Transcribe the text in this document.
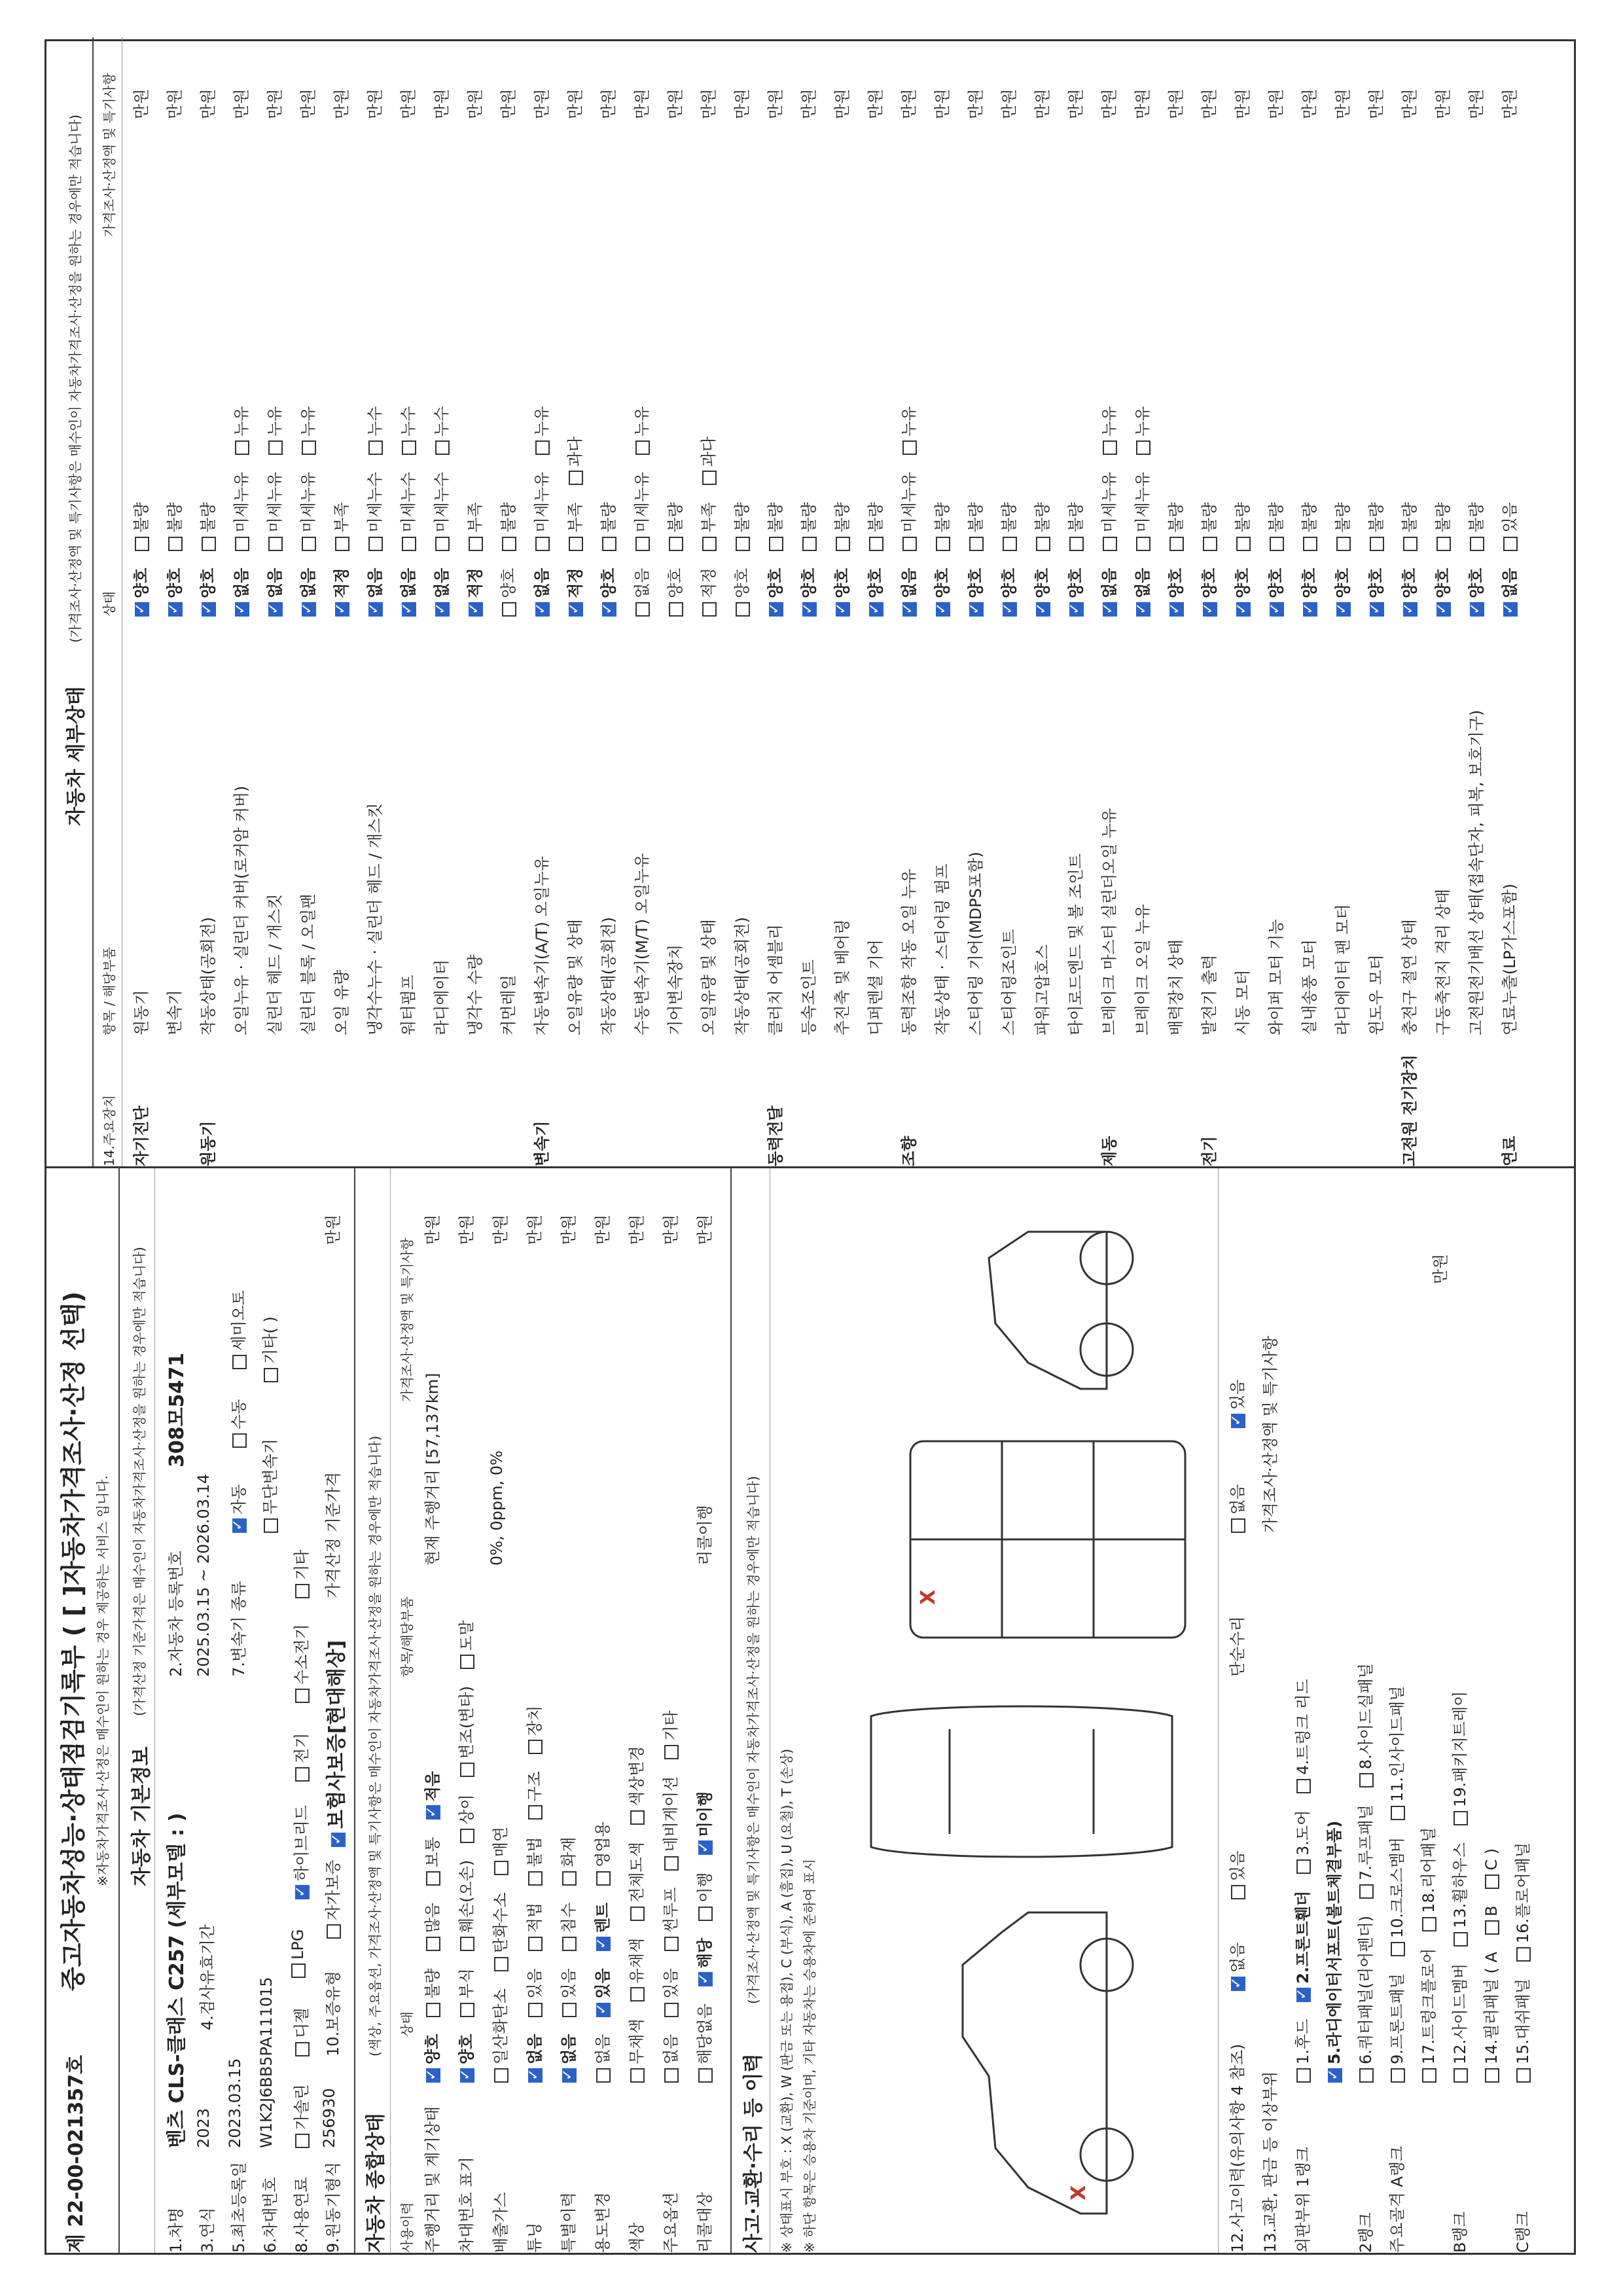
제 22-00-021357호
중고자동차성능·상태점검기록부 ( [ ]자동차가격조사·산정 선택) ※자동차가격조사·산정은 매수인이 원하는 경우 제공하는 서비스 입니다. 자동차 기본정보
(가격산정 기준가격은 매수인이 자동차가격조사·산정을 원하는 경우에만 적습니다)
1.차명
벤츠 CLS-클래스 C257 (세부모델 : )
2.자동차 등록번호
308모5471
3.연식
2023
4.검사유효기간
2025.03.15 ~ 2026.03.14
5.최초등록일
2023.03.15
7.변속기 종류
✓자동
수동
세미오토
6.차대번호
W1K2J6BB5PA111015
무단변속기
기타( )
8.사용연료
가솔린
디젤
LPG
✓하이브리드
전기
수소전기
기타
9.원동기형식
256930
10.보증유형
자가보증
✓보험사보증[현대해상]
가격산정 기준가격
만원
자동차 종합상태
(색상, 주요옵션, 가격조사·산정액 및 특기사항은 매수인이 자동차가격조사·산정을 원하는 경우에만 적습니다)
사용이력
상태
항목/해당부품
가격조사·산정액 및 특기사항
주행거리 및 계기상태
✓양호불량많음보통✓적음
현재 주행거리 [57,137km]
만원
차대번호 표기
✓양호부식훼손(오손)상이변조(변타)도말
만원
배출가스
일산화탄소탄화수소매연
0%, 0ppm, 0%
만원
튜닝
✓없음있음적법불법구조장치
만원
특별이력
✓없음있음침수화재
만원
용도변경
없음✓있음✓렌트영업용
만원
색상
무채색유채색전체도색색상변경
만원
주요옵션
없음있음썬루프네비게이션기타
만원
리콜대상
해당없음✓해당이행✓미이행
리콜이행
만원
사고·교환·수리 등 이력
(가격조사·산정액 및 특기사항은 매수인이 자동차가격조사·산정을 원하는 경우에만 적습니다) ※ 상태표시 부호 : X (교환), W (판금 또는 용접), C (부식), A (흠집), U (요철), T (손상) ※ 하단 항목은 승용차 기준이며, 기타 자동차는 승용차에 준하여 표시	X
X
12.사고이력(유의사항 4 참조)
✓없음
있음
단순수리
없음
✓있음
13.교환, 판금 등 이상부위
가격조사·산정액 및 특기사항
외판부위 1랭크
1.후드✓2.프론트휀더3.도어4.트렁크 리드
✓5.라디에이터서포트(볼트체결부품)
2랭크
6.쿼터패널(리어펜더)7.루프패널8.사이드실패널
주요골격 A랭크
9.프론트패널10.크로스멤버11.인사이드패널
17.트렁크플로어18.리어패널
B랭크
12.사이드멤버13.휠하우스19.패키지트레이
14.필러패널 ( ABC )
C랭크
15.대쉬패널16.플로어패널
만원
자동차 세부상태
(가격조사·산정액 및 특기사항은 매수인이 자동차가격조사·산정을 원하는 경우에만 적습니다)
14.주요장치
항목 / 해당부품
상태
가격조사·산정액 및 특기사항
자기진단
원동기
✓양호불량
만원
변속기
✓양호불량
만원
원동기
작동상태(공회전)
✓양호불량
만원
오일누유 · 실린더 커버(로커암 커버)
✓없음미세누유누유
만원
실린더 헤드 / 개스킷
✓없음미세누유누유
만원
실린더 블록 / 오일팬
✓없음미세누유누유
만원
오일 유량
✓적정부족
만원
냉각수누수 · 실린더 헤드 / 개스킷
✓없음미세누수누수
만원
워터펌프
✓없음미세누수누수
만원
라디에이터
✓없음미세누수누수
만원
냉각수 수량
✓적정부족
만원
커먼레일
양호불량
만원
변속기
자동변속기(A/T) 오일누유
✓없음미세누유누유
만원
오일유량 및 상태
✓적정부족과다
만원
작동상태(공회전)
✓양호불량
만원
수동변속기(M/T) 오일누유
없음미세누유누유
만원
기어변속장치
양호불량
만원
오일유량 및 상태
적정부족과다
만원
작동상태(공회전)
양호불량
만원
동력전달
클러치 어셈블리
✓양호불량
만원
등속조인트
✓양호불량
만원
추진축 및 베어링
✓양호불량
만원
디퍼렌셜 기어
✓양호불량
만원
조향
동력조향 작동 오일 누유
✓없음미세누유누유
만원
작동상태 · 스티어링 펌프
✓양호불량
만원
스티어링 기어(MDPS포함)
✓양호불량
만원
스티어링조인트
✓양호불량
만원
파워고압호스
✓양호불량
만원
타이로드엔드 및 볼 조인트
✓양호불량
만원
제동
브레이크 마스터 실린더오일 누유
✓없음미세누유누유
만원
브레이크 오일 누유
✓없음미세누유누유
만원
배력장치 상태
✓양호불량
만원
전기
발전기 출력
✓양호불량
만원
시동 모터
✓양호불량
만원
와이퍼 모터 기능
✓양호불량
만원
실내송풍 모터
✓양호불량
만원
라디에이터 팬 모터
✓양호불량
만원
윈도우 모터
✓양호불량
만원
고전원 전기장치
충전구 절연 상태
✓양호불량
만원
구동축전지 격리 상태
✓양호불량
만원
고전원전기배선 상태(접속단자, 피복, 보호기구)
✓양호불량
만원
연료
연료누출(LP가스포함)
✓없음있음
만원
